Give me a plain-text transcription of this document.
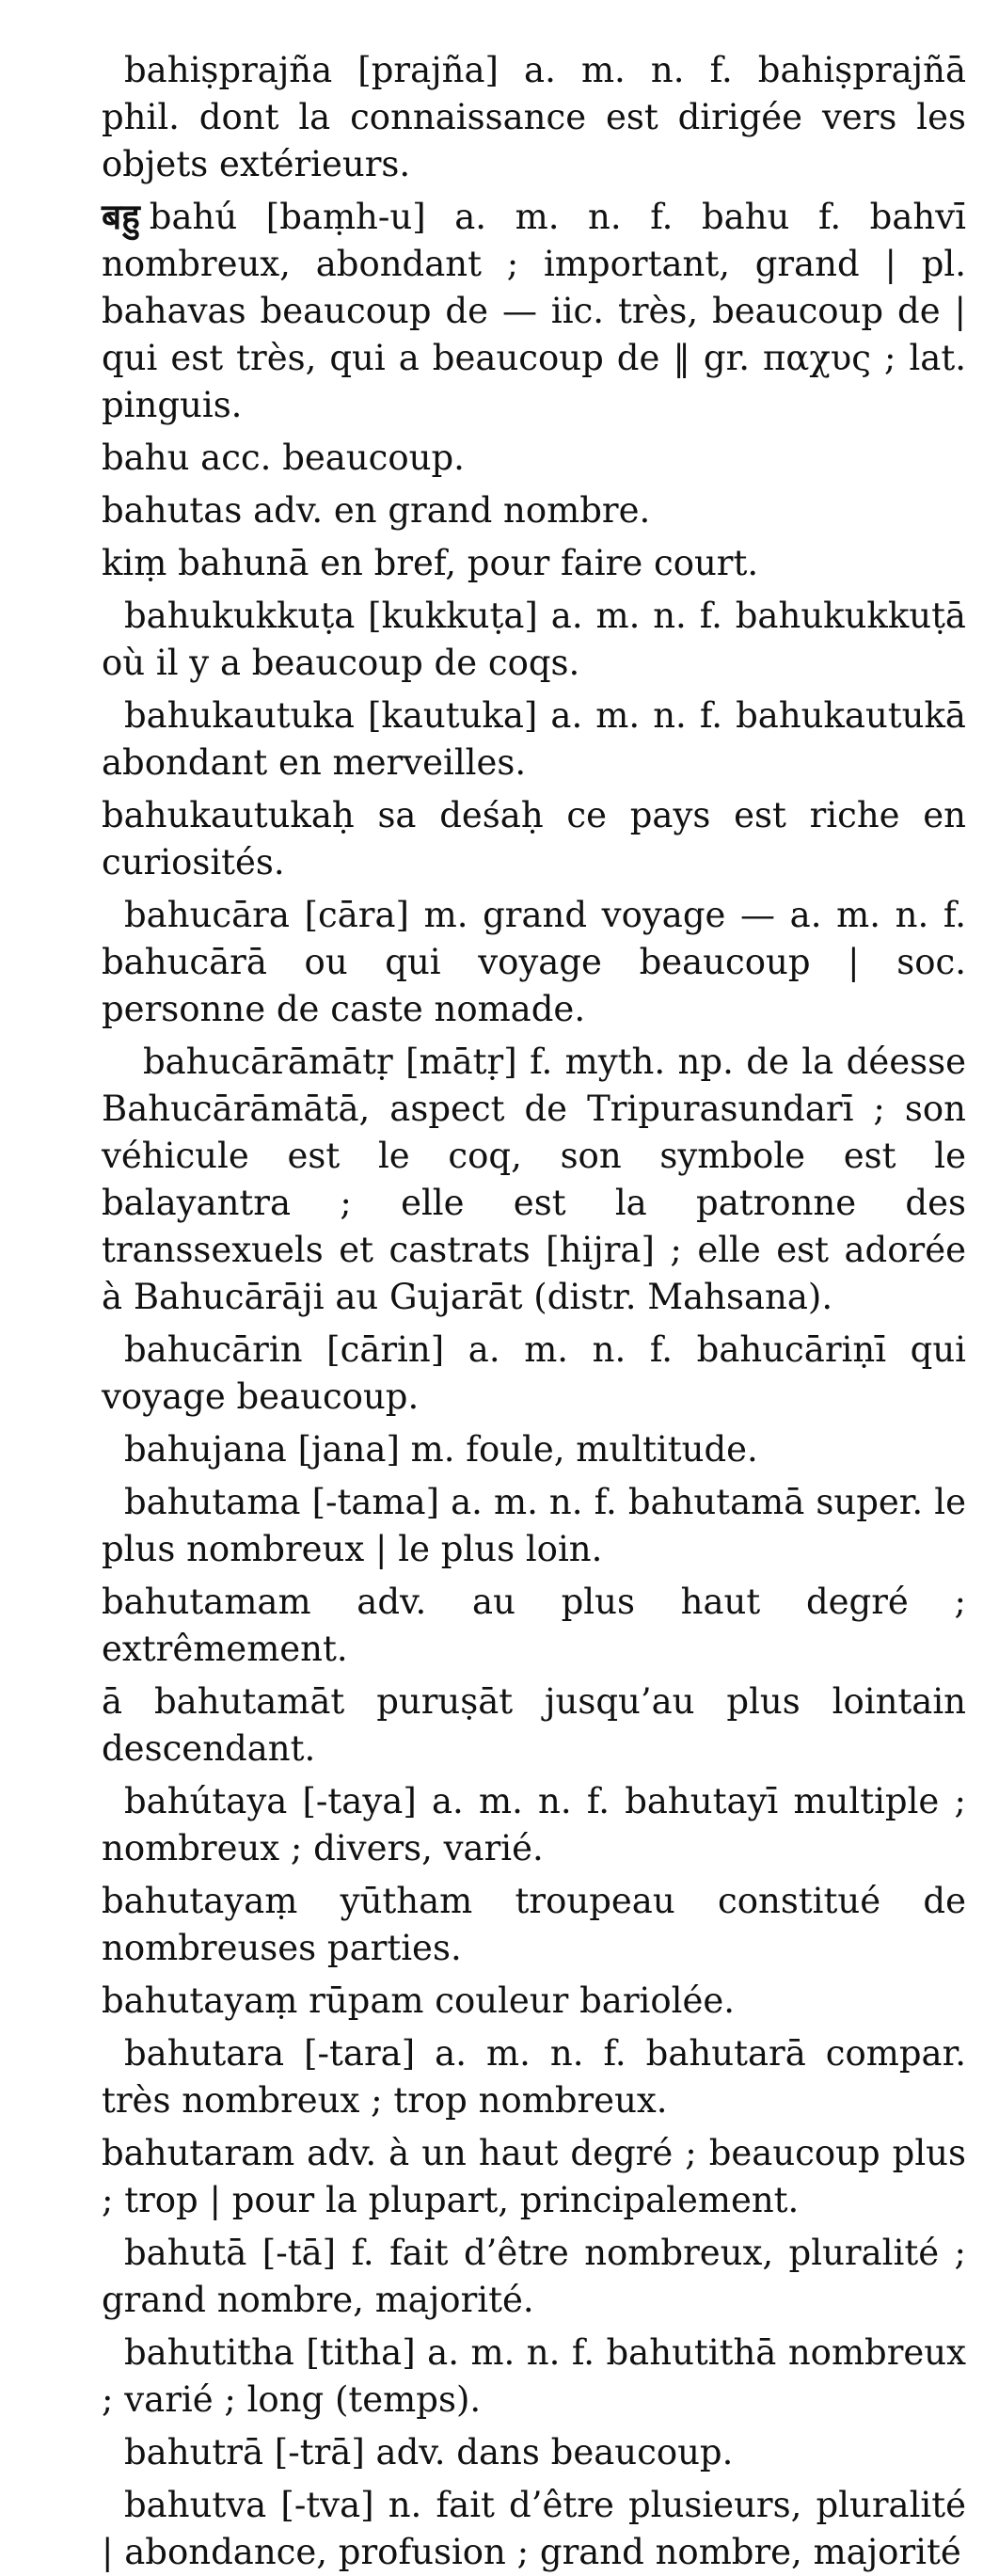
bahiṣprajña [prajña] a. m. n. f. bahiṣprajñā phil. dont la connaissance est dirigée vers les objets extérieurs.

बहु bahú [baṃh-u] a. m. n. f. bahu f. bahvī nombreux, abondant ; important, grand | pl. bahavas beaucoup de — iic. très, beaucoup de | qui est très, qui a beaucoup de ‖ gr. παχυς ; lat. pinguis.

bahu acc. beaucoup.

bahutas adv. en grand nombre.

kiṃ bahunā en bref, pour faire court.

bahukukkuṭa [kukkuṭa] a. m. n. f. bahukukkuṭā où il y a beaucoup de coqs.

bahukautuka [kautuka] a. m. n. f. bahukautukā abondant en merveilles.

bahukautukaḥ sa deśaḥ ce pays est riche en curiosités.

bahucāra [cāra] m. grand voyage — a. m. n. f. bahucārā ou qui voyage beaucoup | soc. personne de caste nomade.

bahucārāmātṛ [mātṛ] f. myth. np. de la déesse Bahucārāmātā, aspect de Tripurasundarī ; son véhicule est le coq, son symbole est le balayantra ; elle est la patronne des transsexuels et castrats [hijra] ; elle est adorée à Bahucārāji au Gujarāt (distr. Mahsana).

bahucārin [cārin] a. m. n. f. bahucāriṇī qui voyage beaucoup.

bahujana [jana] m. foule, multitude.

bahutama [-tama] a. m. n. f. bahutamā super. le plus nombreux | le plus loin.

bahutamam adv. au plus haut degré ; extrêmement.

ā bahutamāt puruṣāt jusqu’au plus lointain descendant.

bahútaya [-taya] a. m. n. f. bahutayī multiple ; nombreux ; divers, varié.

bahutayaṃ yūtham troupeau constitué de nombreuses parties.

bahutayaṃ rūpam couleur bariolée.

bahutara [-tara] a. m. n. f. bahutarā compar. très nombreux ; trop nombreux.

bahutaram adv. à un haut degré ; beaucoup plus ; trop | pour la plupart, principalement.

bahutā [-tā] f. fait d’être nombreux, pluralité ; grand nombre, majorité.

bahutitha [titha] a. m. n. f. bahutithā nombreux ; varié ; long (temps).

bahutrā [-trā] adv. dans beaucoup.

bahutva [-tva] n. fait d’être plusieurs, pluralité | abondance, profusion ; grand nombre, majorité
